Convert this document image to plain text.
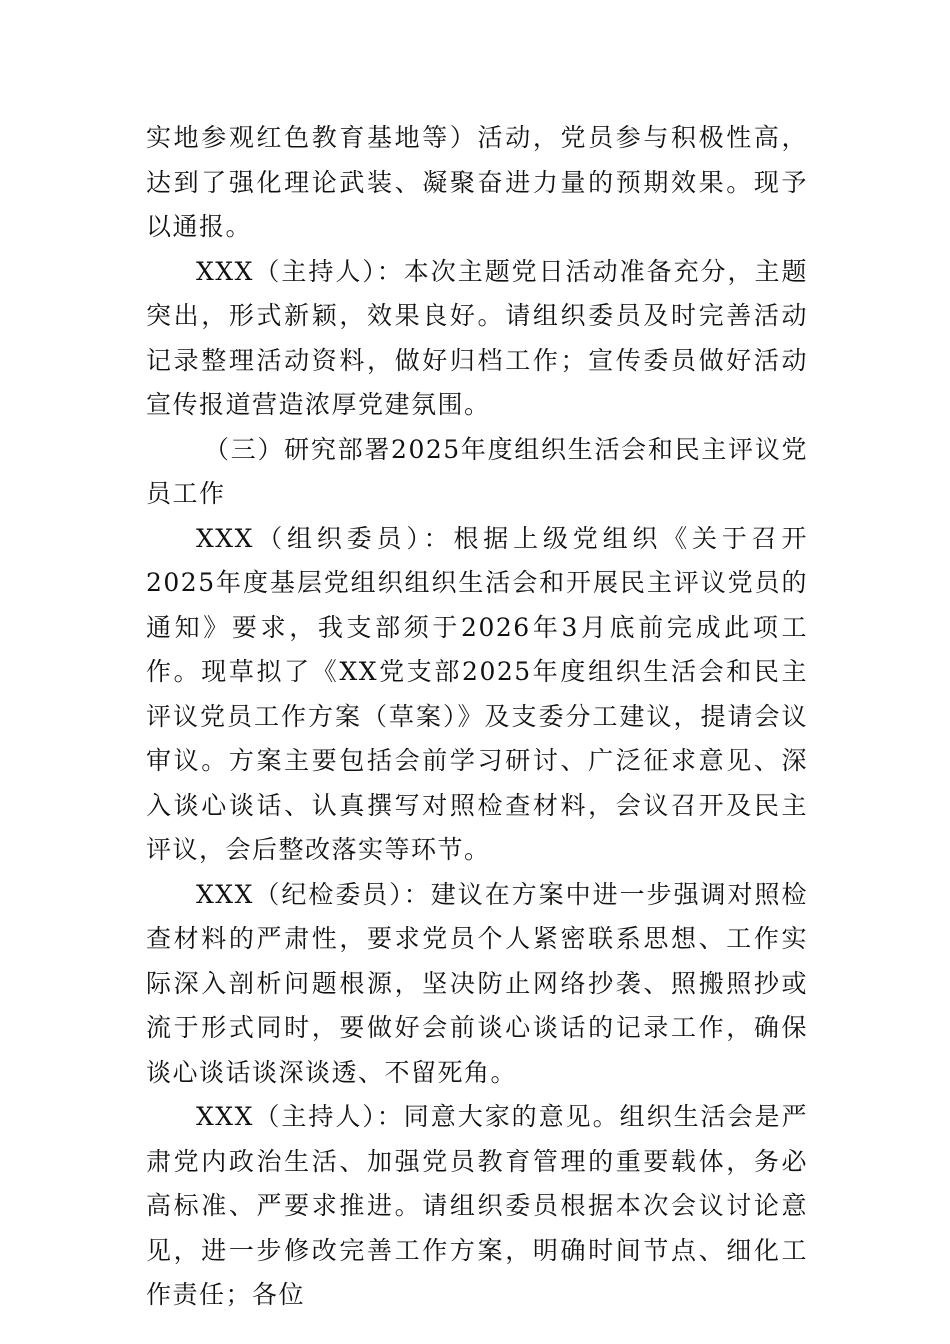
实地参观红色教育基地等）活动，党员参与积极性高，达到了强化理论武装、凝聚奋进力量的预期效果。现予以通报。

XXX（主持人）：本次主题党日活动准备充分，主题突出，形式新颖，效果良好。请组织委员及时完善活动记录整理活动资料，做好归档工作；宣传委员做好活动宣传报道营造浓厚党建氛围。

（三）研究部署2025年度组织生活会和民主评议党员工作

XXX（组织委员）：根据上级党组织《关于召开2025年度基层党组织组织生活会和开展民主评议党员的通知》要求，我支部须于2026年3月底前完成此项工作。现草拟了《XX党支部2025年度组织生活会和民主评议党员工作方案（草案）》及支委分工建议，提请会议审议。方案主要包括会前学习研讨、广泛征求意见、深入谈心谈话、认真撰写对照检查材料，会议召开及民主评议，会后整改落实等环节。

XXX（纪检委员）：建议在方案中进一步强调对照检查材料的严肃性，要求党员个人紧密联系思想、工作实际深入剖析问题根源，坚决防止网络抄袭、照搬照抄或流于形式同时，要做好会前谈心谈话的记录工作，确保谈心谈话谈深谈透、不留死角。

XXX（主持人）：同意大家的意见。组织生活会是严肃党内政治生活、加强党员教育管理的重要载体，务必高标准、严要求推进。请组织委员根据本次会议讨论意见，进一步修改完善工作方案，明确时间节点、细化工作责任；各位
